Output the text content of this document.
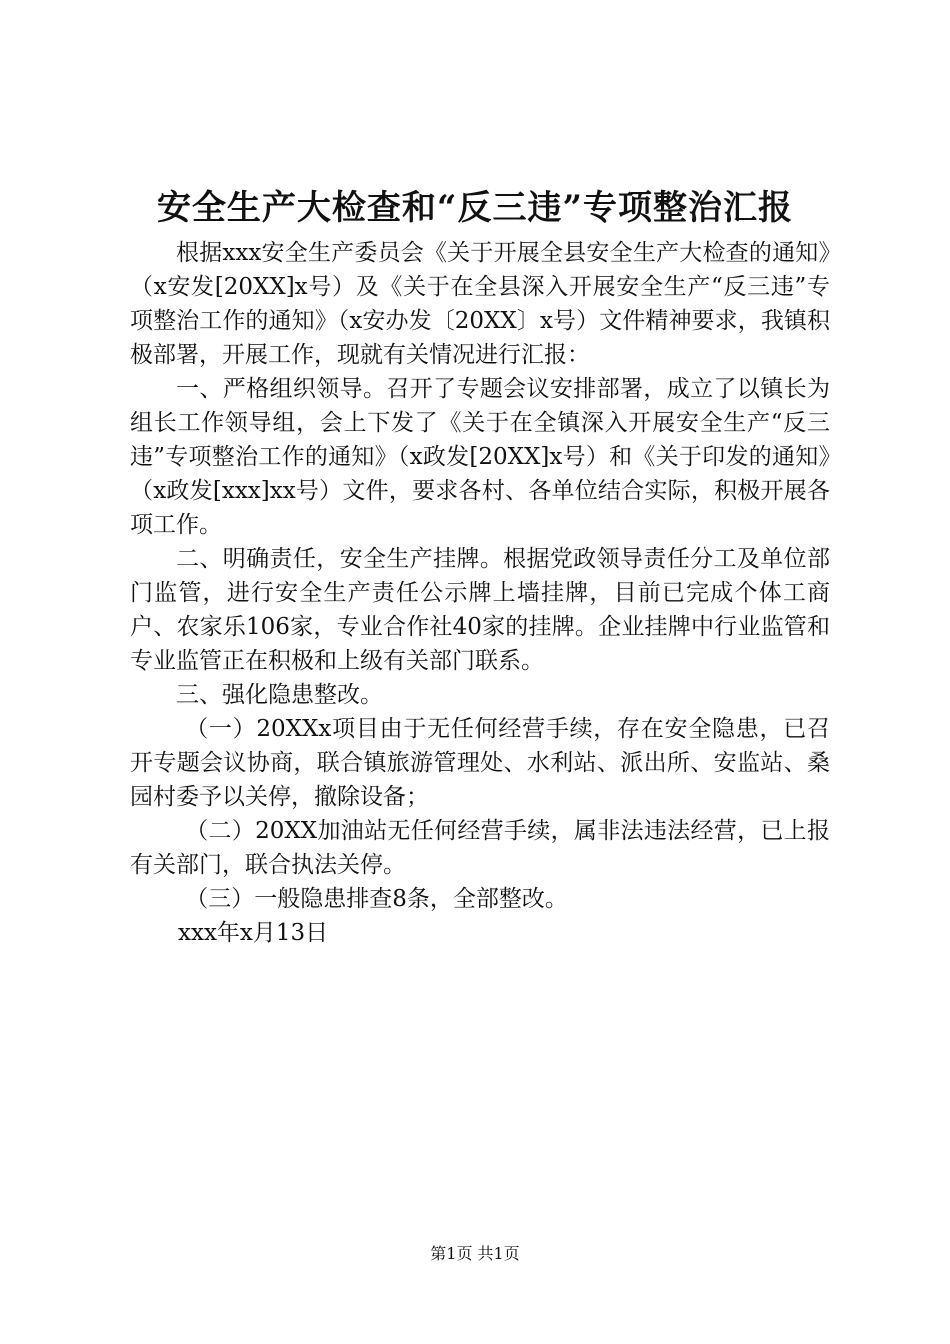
安全生产大检查和“反三违”专项整治汇报

根据xxx安全生产委员会《关于开展全县安全生产大检查的通知》（x安发[20XX]x号）及《关于在全县深入开展安全生产“反三违”专项整治工作的通知》（x安办发〔20XX〕x号）文件精神要求，我镇积极部署，开展工作，现就有关情况进行汇报：

一、严格组织领导。召开了专题会议安排部署，成立了以镇长为组长工作领导组，会上下发了《关于在全镇深入开展安全生产“反三违”专项整治工作的通知》（x政发[20XX]x号）和《关于印发的通知》（x政发[xxx]xx号）文件，要求各村、各单位结合实际，积极开展各项工作。

二、明确责任，安全生产挂牌。根据党政领导责任分工及单位部门监管，进行安全生产责任公示牌上墙挂牌，目前已完成个体工商户、农家乐106家，专业合作社40家的挂牌。企业挂牌中行业监管和专业监管正在积极和上级有关部门联系。

三、强化隐患整改。

（一）20XXx项目由于无任何经营手续，存在安全隐患，已召开专题会议协商，联合镇旅游管理处、水利站、派出所、安监站、桑园村委予以关停，撤除设备；

（二）20XX加油站无任何经营手续，属非法违法经营，已上报有关部门，联合执法关停。

（三）一般隐患排查8条，全部整改。

xxx年x月13日

第1页 共1页
